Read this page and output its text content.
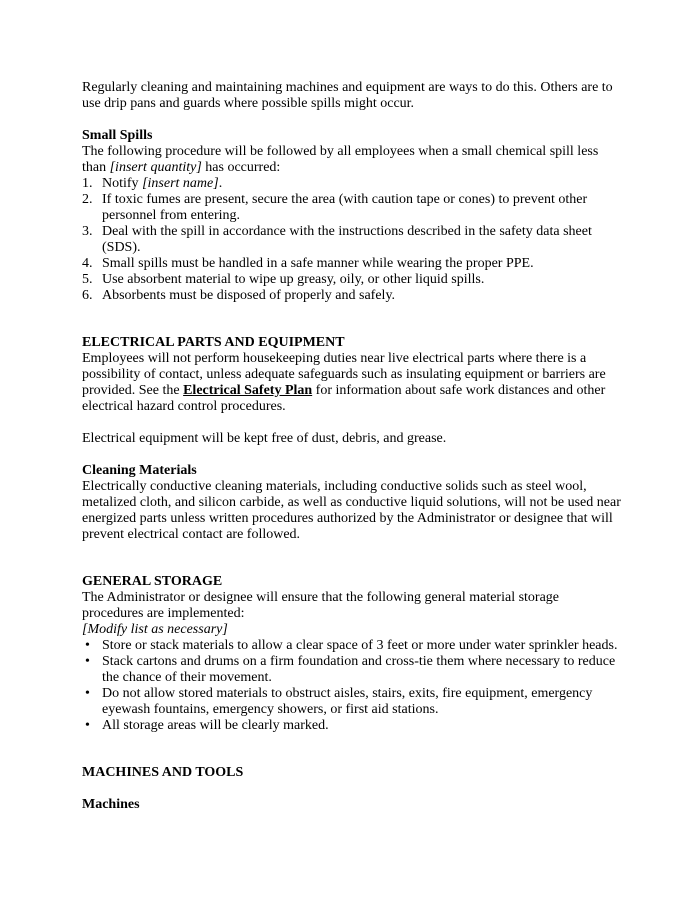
Regularly cleaning and maintaining machines and equipment are ways to do this. Others are to use drip pans and guards where possible spills might occur.

Small Spills

The following procedure will be followed by all employees when a small chemical spill less than [insert quantity] has occurred:

1. Notify [insert name].
2. If toxic fumes are present, secure the area (with caution tape or cones) to prevent other personnel from entering.
3. Deal with the spill in accordance with the instructions described in the safety data sheet (SDS).
4. Small spills must be handled in a safe manner while wearing the proper PPE.
5. Use absorbent material to wipe up greasy, oily, or other liquid spills.
6. Absorbents must be disposed of properly and safely.
ELECTRICAL PARTS AND EQUIPMENT

Employees will not perform housekeeping duties near live electrical parts where there is a possibility of contact, unless adequate safeguards such as insulating equipment or barriers are provided. See the Electrical Safety Plan for information about safe work distances and other electrical hazard control procedures.

Electrical equipment will be kept free of dust, debris, and grease.

Cleaning Materials

Electrically conductive cleaning materials, including conductive solids such as steel wool, metalized cloth, and silicon carbide, as well as conductive liquid solutions, will not be used near energized parts unless written procedures authorized by the Administrator or designee that will prevent electrical contact are followed.

GENERAL STORAGE

The Administrator or designee will ensure that the following general material storage procedures are implemented:

[Modify list as necessary]

• Store or stack materials to allow a clear space of 3 feet or more under water sprinkler heads.
• Stack cartons and drums on a firm foundation and cross-tie them where necessary to reduce the chance of their movement.
• Do not allow stored materials to obstruct aisles, stairs, exits, fire equipment, emergency eyewash fountains, emergency showers, or first aid stations.
• All storage areas will be clearly marked.
MACHINES AND TOOLS
Machines
